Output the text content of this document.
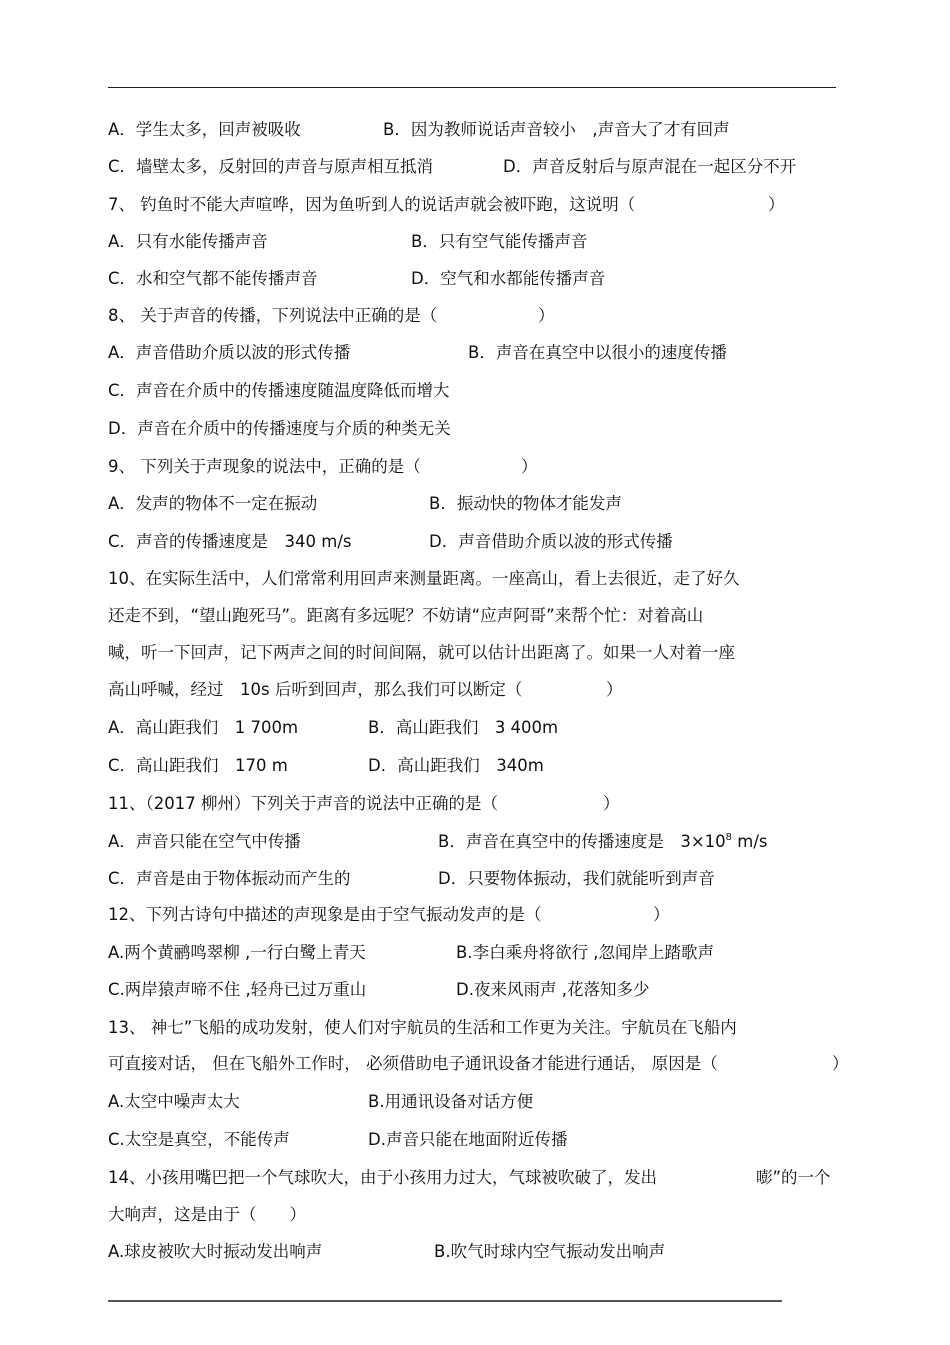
A．学生太多，回声被吸收	B．因为教师说话声音较小　,声音大了才有回声
C．墙壁太多，反射回的声音与原声相互抵消	D．声音反射后与原声混在一起区分不开
7、 钓鱼时不能大声喧哗，因为鱼听到人的说话声就会被吓跑，这说明（	）
A．只有水能传播声音	B．只有空气能传播声音
C．水和空气都不能传播声音	D．空气和水都能传播声音
8、 关于声音的传播，下列说法中正确的是（	）
A．声音借助介质以波的形式传播	B．声音在真空中以很小的速度传播
C．声音在介质中的传播速度随温度降低而增大
D．声音在介质中的传播速度与介质的种类无关
9、 下列关于声现象的说法中，正确的是（	）
A．发声的物体不一定在振动	B．振动快的物体才能发声
C．声音的传播速度是　340 m/s	D．声音借助介质以波的形式传播
10、在实际生活中，人们常常利用回声来测量距离。一座高山，看上去很近，走了好久
还走不到，“望山跑死马”。距离有多远呢？不妨请“应声阿哥”来帮个忙：对着高山
喊，听一下回声，记下两声之间的时间间隔，就可以估计出距离了。如果一人对着一座
高山呼喊，经过　10s 后听到回声，那么我们可以断定（	）
A．高山距我们　1 700m	B．高山距我们　3 400m
C．高山距我们　170 m	D．高山距我们　340m
11、（2017 柳州）下列关于声音的说法中正确的是（	）
A．声音只能在空气中传播	B．声音在真空中的传播速度是　$3\times 10^8$ m/s
C．声音是由于物体振动而产生的	D．只要物体振动，我们就能听到声音
12、下列古诗句中描述的声现象是由于空气振动发声的是（	）
A.两个黄鹂鸣翠柳 ,一行白鹭上青天	B.李白乘舟将欲行 ,忽闻岸上踏歌声
C.两岸猿声啼不住 ,轻舟已过万重山	D.夜来风雨声 ,花落知多少
13、 神七”飞船的成功发射，使人们对宇航员的生活和工作更为关注。宇航员在飞船内
可直接对话， 但在飞船外工作时， 必须借助电子通讯设备才能进行通话， 原因是（	）
A.太空中噪声太大	B.用通讯设备对话方便
C.太空是真空，不能传声	D.声音只能在地面附近传播
14、小孩用嘴巴把一个气球吹大，由于小孩用力过大，气球被吹破了，发出	嘭”的一个
大响声，这是由于（　　）
A.球皮被吹大时振动发出响声	B.吹气时球内空气振动发出响声
